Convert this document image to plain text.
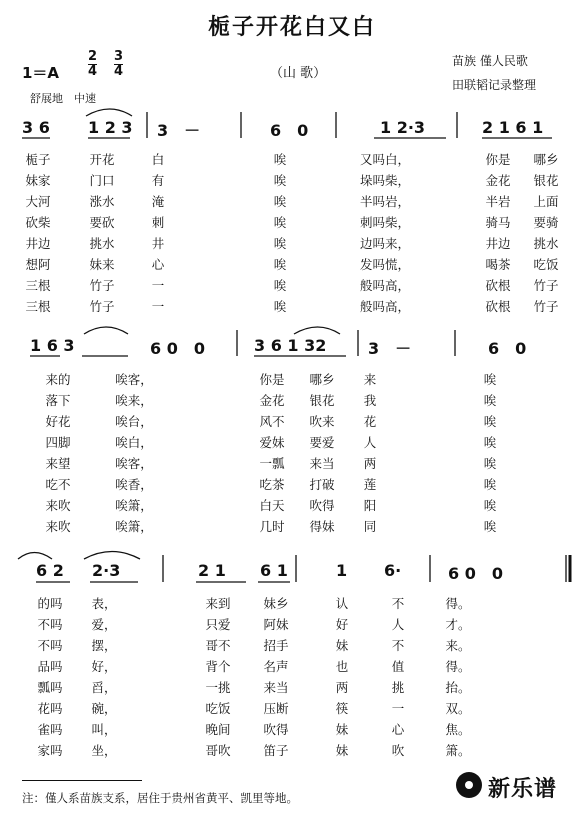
栀子开花白又白
1＝A
2
4
3
4	（山 歌）
苗族 僅人民歌
田联韬记录整理
舒展地　中速
3 6 1 2 3 3　－	6　0	1 2·3	2 1 6 1
栀子	开花	白	唉	又吗白，	你是	哪乡
妹家	门口	有	唉	垛吗柴，	金花	银花
大河	涨水	淹	唉	半吗岩，	半岩	上面
砍柴	要砍	刺	唉	刺吗柴，	骑马	要骑
井边	挑水	井	唉	边吗来，	井边	挑水
想阿	妹来	心	唉	发吗慌，	喝茶	吃饭
三根	竹子	一	唉	般吗高，	砍根	竹子
三根	竹子	一	唉	般吗高，	砍根	竹子
1 6 3	6 0　0	3 6 1 32	3　－	6　0
来的	唉客，	你是	哪乡	来	唉
落下	唉来，	金花	银花	我	唉
好花	唉台，	风不	吹来	花	唉
四脚	唉白，	爱妹	要爱	人	唉
来望	唉客，	一瓢	来当	两	唉
吃不	唉香，	吃茶	打破	莲	唉
来吹	唉箫，	白天	吹得	阳	唉
来吹	唉箫，	几时	得妹	同	唉
6 2 2·3	2 1 6 1	1 6·	6 0　0
的吗	表，	来到	妹乡	认	不	得。
不吗	爱，	只爱	阿妹	好	人	才。
不吗	摆，	哥不	招手	妹	不	来。
品吗	好，	背个	名声	也	值	得。
瓢吗	舀，	一挑	来当	两	挑	抬。
花吗	碗，	吃饭	压断	筷	一	双。
雀吗	叫，	晚间	吹得	妹	心	焦。
家吗	坐，	哥吹	笛子	妹	吹	箫。
注：僅人系苗族支系，居住于贵州省黄平、凯里等地。	新乐谱
